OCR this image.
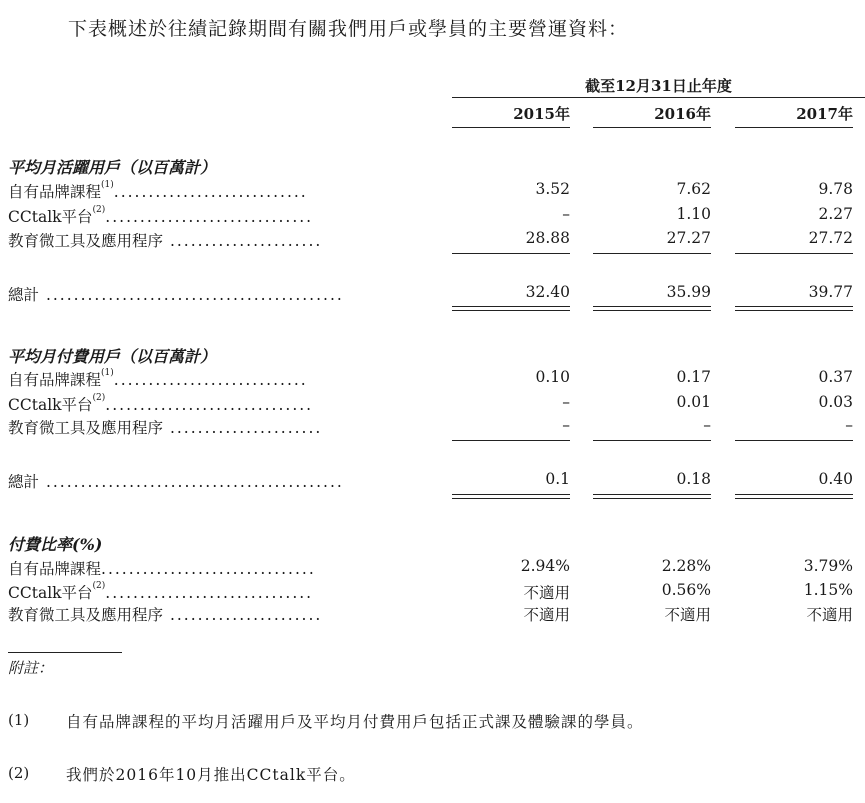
下表概述於往績記錄期間有關我們用戶或學員的主要營運資料：
截至12月31日止年度
2015年	2016年	2017年
平均月活躍用戶（以百萬計）
自有品牌課程$^{(1)}$............................	3.52	7.62	9.78
CCtalk平台$^{(2)}$..............................	–	1.10	2.27
教育微工具及應用程序 ......................	28.88	27.27	27.72
總計 ...........................................	32.40	35.99	39.77
平均月付費用戶（以百萬計）
自有品牌課程$^{(1)}$............................	0.10	0.17	0.37
CCtalk平台$^{(2)}$..............................	–	0.01	0.03
教育微工具及應用程序 ......................	–	–	–
總計 ...........................................	0.1	0.18	0.40
付費比率(%)
自有品牌課程...............................	2.94%	2.28%	3.79%
CCtalk平台$^{(2)}$..............................	不適用	0.56%	1.15%
教育微工具及應用程序 ......................	不適用	不適用	不適用
附註：
(1) 自有品牌課程的平均月活躍用戶及平均月付費用戶包括正式課及體驗課的學員。
(2) 我們於2016年10月推出CCtalk平台。
